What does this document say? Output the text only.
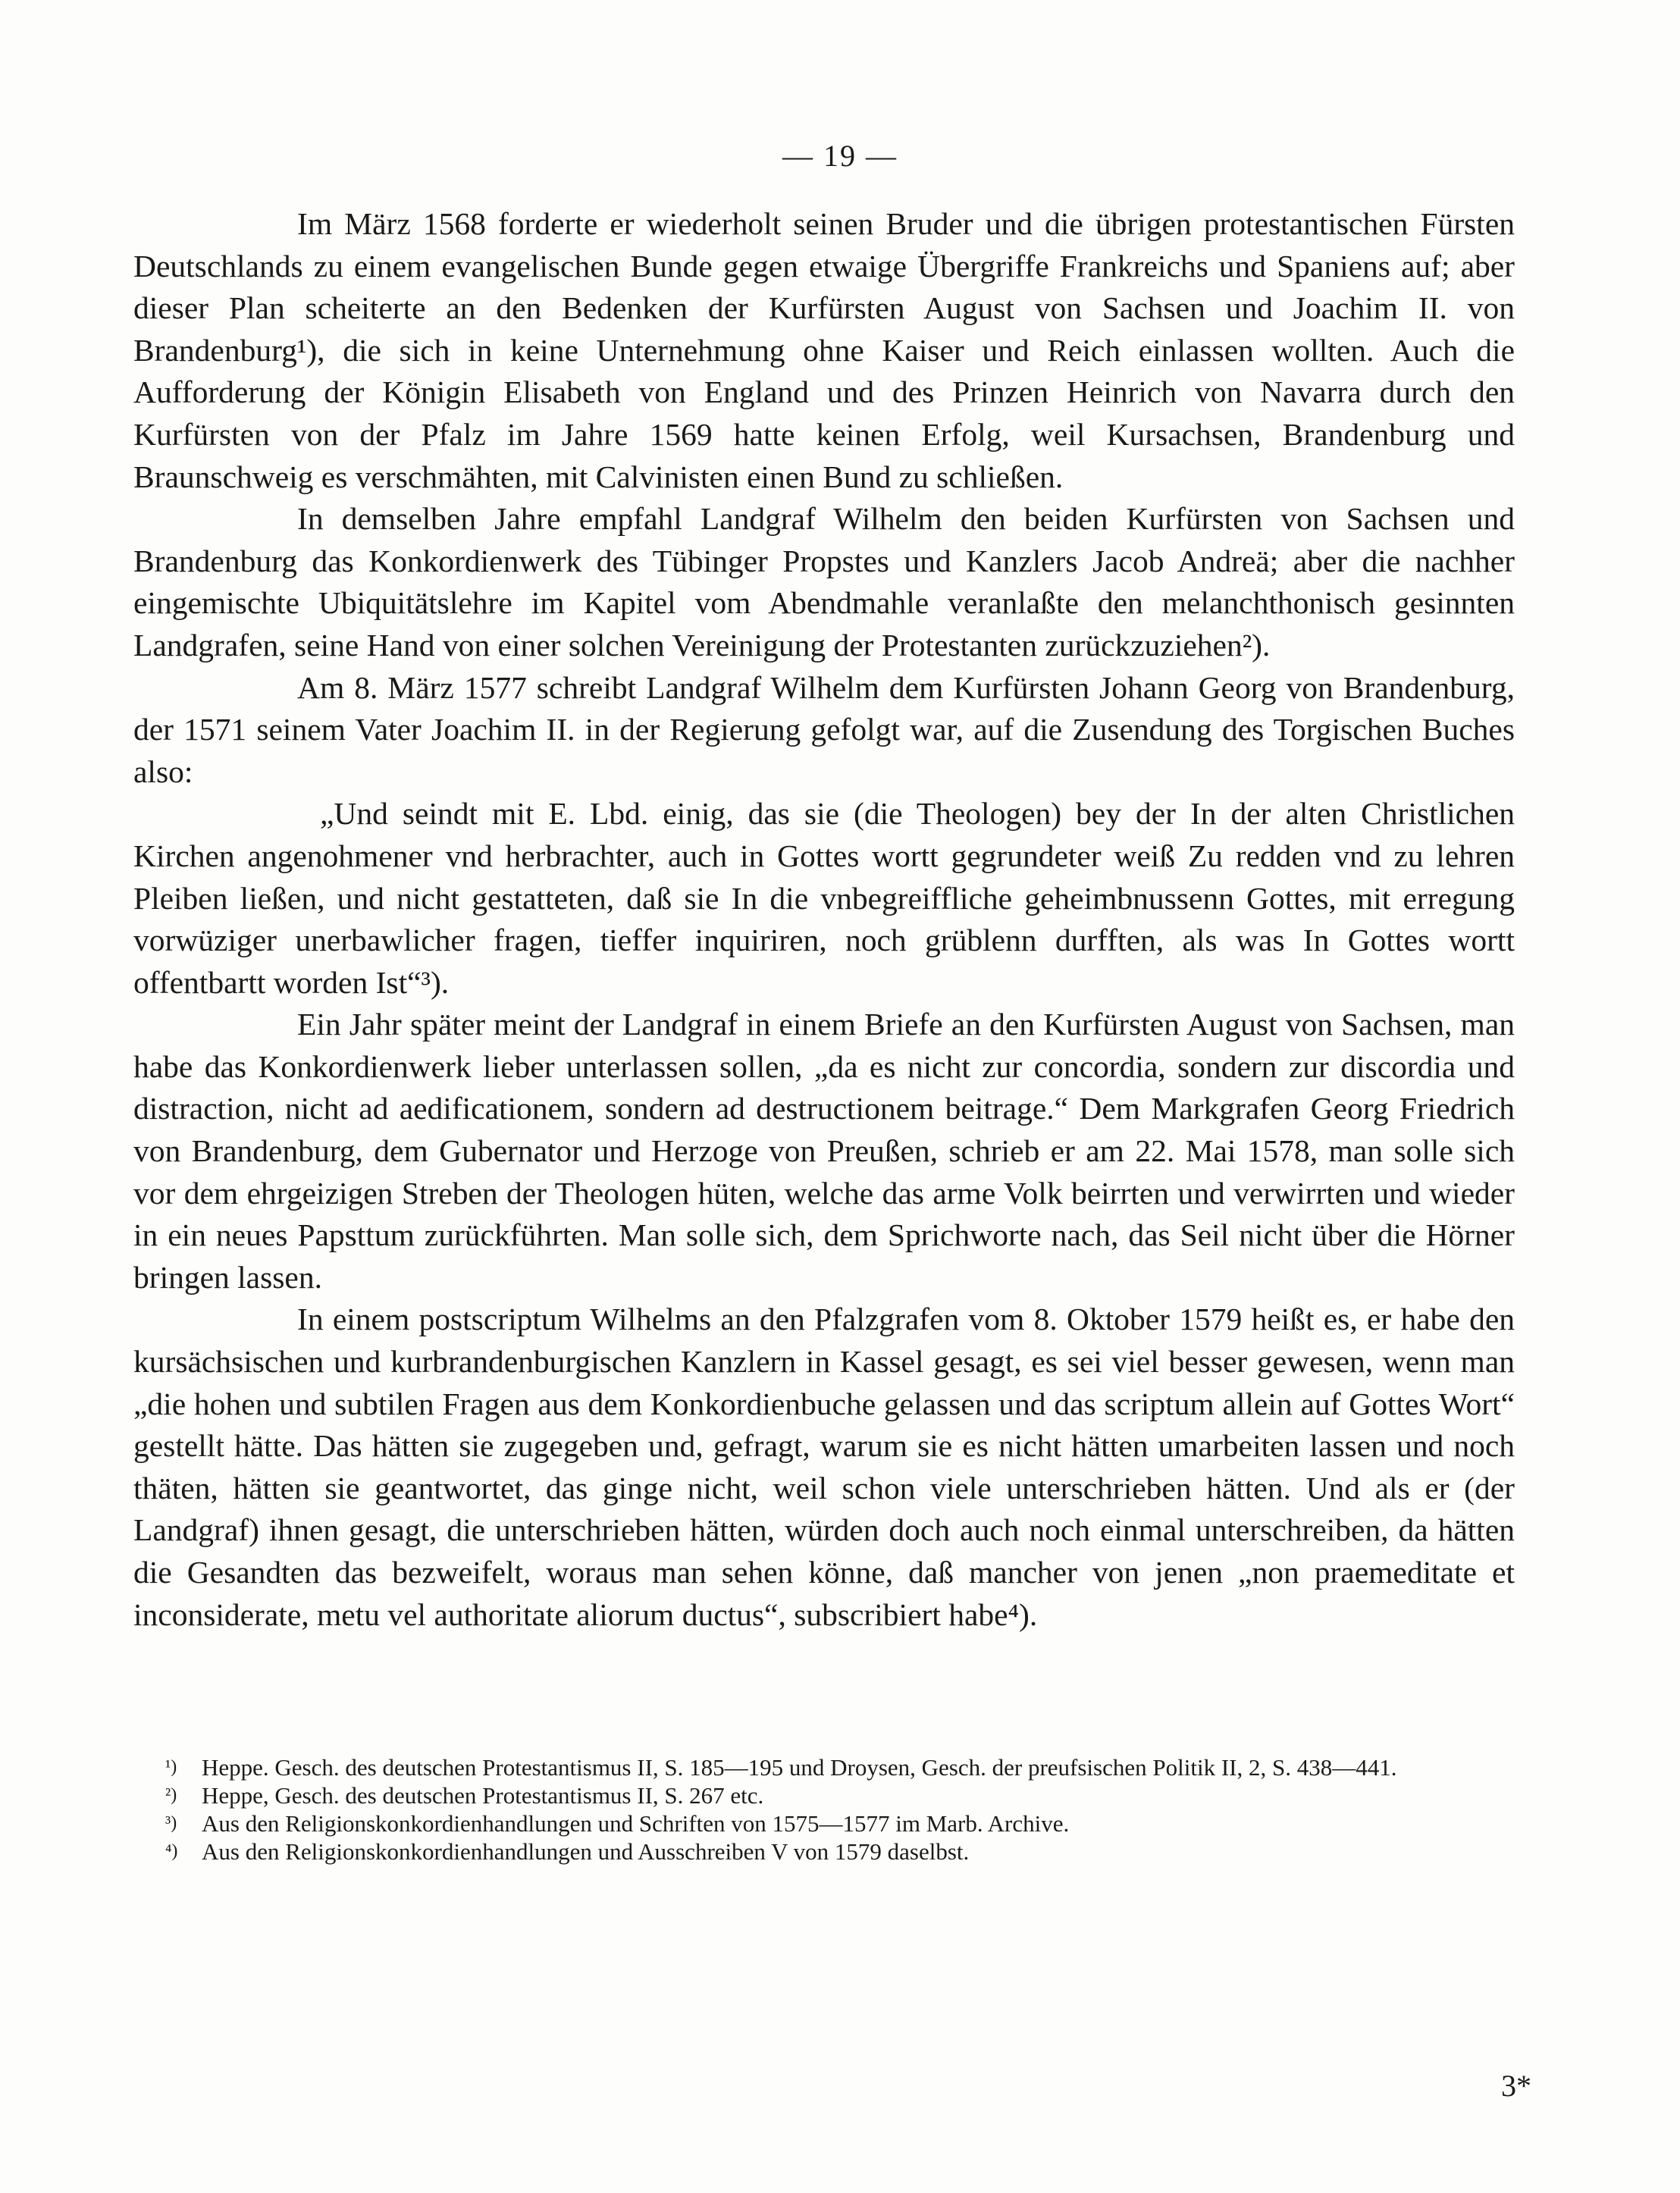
— 19 —

Im März 1568 forderte er wiederholt seinen Bruder und die übrigen protestantischen Fürsten Deutschlands zu einem evangelischen Bunde gegen etwaige Übergriffe Frankreichs und Spaniens auf; aber dieser Plan scheiterte an den Bedenken der Kurfürsten August von Sachsen und Joachim II. von Brandenburg¹), die sich in keine Unternehmung ohne Kaiser und Reich einlassen wollten. Auch die Aufforderung der Königin Elisabeth von England und des Prinzen Heinrich von Navarra durch den Kurfürsten von der Pfalz im Jahre 1569 hatte keinen Erfolg, weil Kursachsen, Brandenburg und Braunschweig es verschmähten, mit Calvinisten einen Bund zu schließen.

In demselben Jahre empfahl Landgraf Wilhelm den beiden Kurfürsten von Sachsen und Brandenburg das Konkordienwerk des Tübinger Propstes und Kanzlers Jacob Andreä; aber die nachher eingemischte Ubiquitätslehre im Kapitel vom Abendmahle veranlaßte den melanchthonisch gesinnten Landgrafen, seine Hand von einer solchen Vereinigung der Protestanten zurückzuziehen²).

Am 8. März 1577 schreibt Landgraf Wilhelm dem Kurfürsten Johann Georg von Brandenburg, der 1571 seinem Vater Joachim II. in der Regierung gefolgt war, auf die Zusendung des Torgischen Buches also:

„Und seindt mit E. Lbd. einig, das sie (die Theologen) bey der In der alten Christlichen Kirchen angenohmener vnd herbrachter, auch in Gottes wortt gegrundeter weiß Zu redden vnd zu lehren Pleiben ließen, und nicht gestatteten, daß sie In die vnbegreiffliche geheimbnussenn Gottes, mit erregung vorwüziger unerbawlicher fragen, tieffer inquiriren, noch grüblenn durfften, als was In Gottes wortt offentbartt worden Ist“³).

Ein Jahr später meint der Landgraf in einem Briefe an den Kurfürsten August von Sachsen, man habe das Konkordienwerk lieber unterlassen sollen, „da es nicht zur concordia, sondern zur discordia und distraction, nicht ad aedificationem, sondern ad destructionem beitrage.“ Dem Markgrafen Georg Friedrich von Brandenburg, dem Gubernator und Herzoge von Preußen, schrieb er am 22. Mai 1578, man solle sich vor dem ehrgeizigen Streben der Theologen hüten, welche das arme Volk beirrten und verwirrten und wieder in ein neues Papsttum zurückführten. Man solle sich, dem Sprichworte nach, das Seil nicht über die Hörner bringen lassen.

In einem postscriptum Wilhelms an den Pfalzgrafen vom 8. Oktober 1579 heißt es, er habe den kursächsischen und kurbrandenburgischen Kanzlern in Kassel gesagt, es sei viel besser gewesen, wenn man „die hohen und subtilen Fragen aus dem Konkordienbuche gelassen und das scriptum allein auf Gottes Wort“ gestellt hätte. Das hätten sie zugegeben und, gefragt, warum sie es nicht hätten umarbeiten lassen und noch thäten, hätten sie geantwortet, das ginge nicht, weil schon viele unterschrieben hätten. Und als er (der Landgraf) ihnen gesagt, die unterschrieben hätten, würden doch auch noch einmal unterschreiben, da hätten die Gesandten das bezweifelt, woraus man sehen könne, daß mancher von jenen „non praemeditate et inconsiderate, metu vel authoritate aliorum ductus“, subscribiert habe⁴).

¹) Heppe. Gesch. des deutschen Protestantismus II, S. 185—195 und Droysen, Gesch. der preufsischen Politik II, 2, S. 438—441.
²) Heppe, Gesch. des deutschen Protestantismus II, S. 267 etc.
³) Aus den Religionskonkordienhandlungen und Schriften von 1575—1577 im Marb. Archive.
⁴) Aus den Religionskonkordienhandlungen und Ausschreiben V von 1579 daselbst.
3*
